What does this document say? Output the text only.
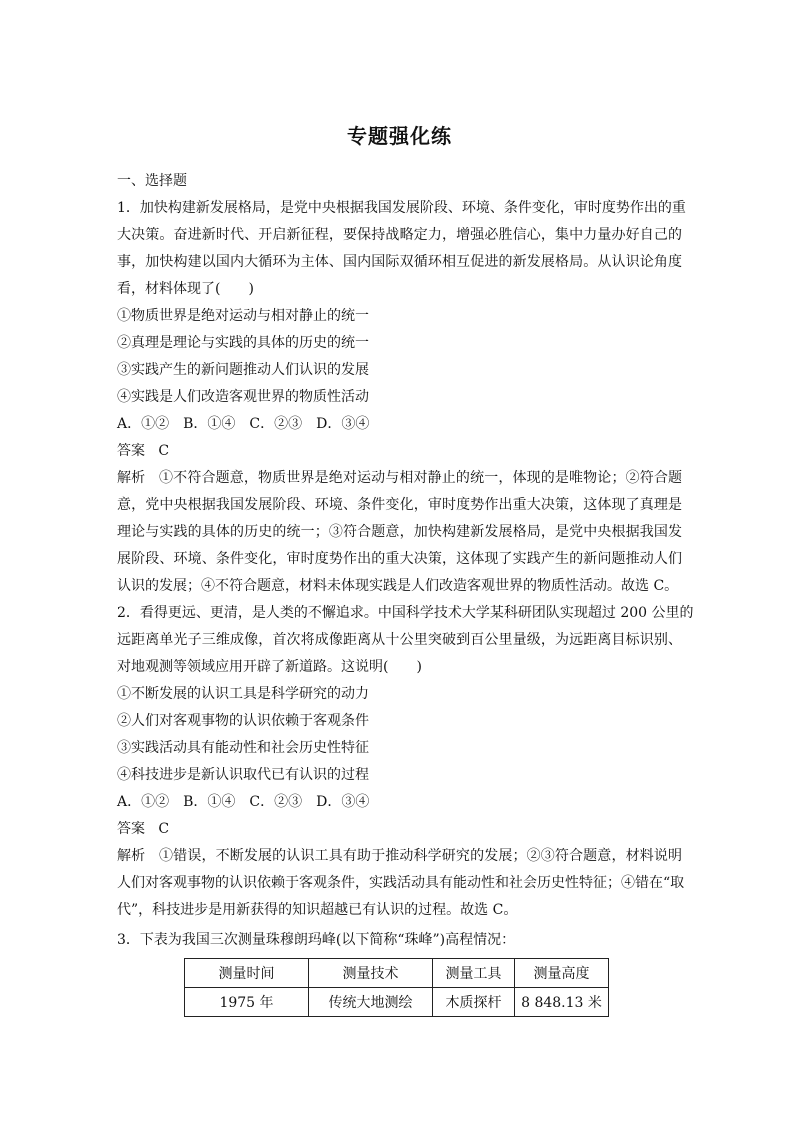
专题强化练
一、选择题
1．加快构建新发展格局，是党中央根据我国发展阶段、环境、条件变化，审时度势作出的重
大决策。奋进新时代、开启新征程，要保持战略定力，增强必胜信心，集中力量办好自己的
事，加快构建以国内大循环为主体、国内国际双循环相互促进的新发展格局。从认识论角度
看，材料体现了(　　)
①物质世界是绝对运动与相对静止的统一
②真理是理论与实践的具体的历史的统一
③实践产生的新问题推动人们认识的发展
④实践是人们改造客观世界的物质性活动
A．①②　B．①④　C．②③　D．③④
答案 C
解析 ①不符合题意，物质世界是绝对运动与相对静止的统一，体现的是唯物论；②符合题
意，党中央根据我国发展阶段、环境、条件变化，审时度势作出重大决策，这体现了真理是
理论与实践的具体的历史的统一；③符合题意，加快构建新发展格局，是党中央根据我国发
展阶段、环境、条件变化，审时度势作出的重大决策，这体现了实践产生的新问题推动人们
认识的发展；④不符合题意，材料未体现实践是人们改造客观世界的物质性活动。故选 C。
2．看得更远、更清，是人类的不懈追求。中国科学技术大学某科研团队实现超过 200 公里的
远距离单光子三维成像，首次将成像距离从十公里突破到百公里量级，为远距离目标识别、
对地观测等领域应用开辟了新道路。这说明(　　)
①不断发展的认识工具是科学研究的动力
②人们对客观事物的认识依赖于客观条件
③实践活动具有能动性和社会历史性特征
④科技进步是新认识取代已有认识的过程
A．①②　B．①④　C．②③　D．③④
答案 C
解析 ①错误，不断发展的认识工具有助于推动科学研究的发展；②③符合题意，材料说明
人们对客观事物的认识依赖于客观条件，实践活动具有能动性和社会历史性特征；④错在“取
代”，科技进步是用新获得的知识超越已有认识的过程。故选 C。
3．下表为我国三次测量珠穆朗玛峰(以下简称“珠峰”)高程情况：
测量时间	测量技术	测量工具	测量高度
1975 年	传统大地测绘	木质探杆	8 848.13 米
